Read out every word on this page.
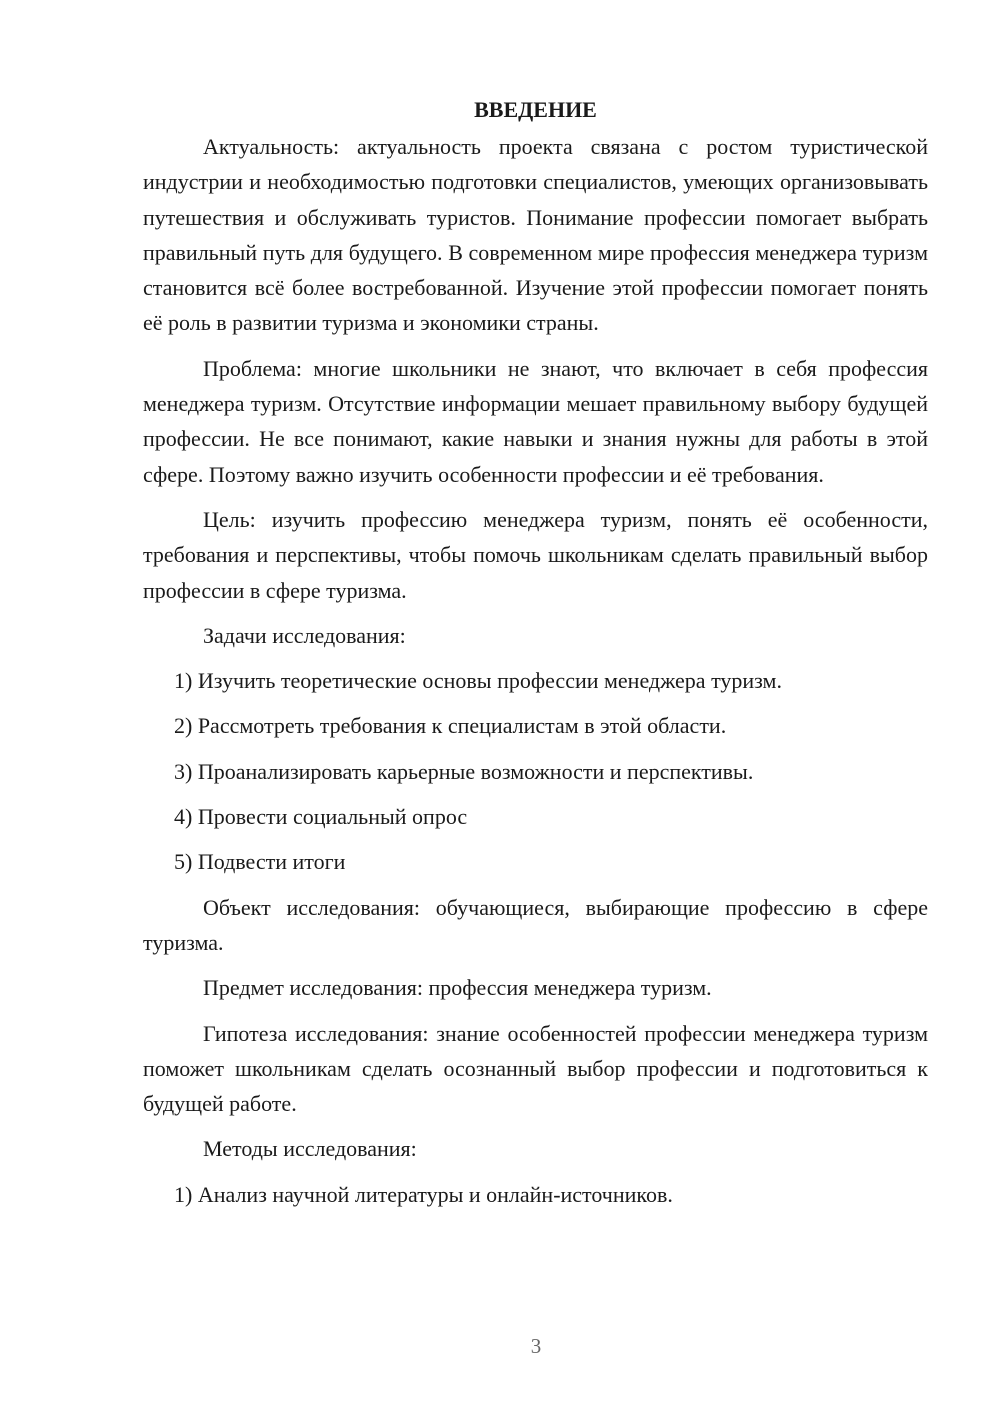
ВВЕДЕНИЕ
Актуальность: актуальность проекта связана с ростом туристической индустрии и необходимостью подготовки специалистов, умеющих организовывать путешествия и обслуживать туристов. Понимание профессии помогает выбрать правильный путь для будущего. В современном мире профессия менеджера туризм становится всё более востребованной. Изучение этой профессии помогает понять её роль в развитии туризма и экономики страны.
Проблема: многие школьники не знают, что включает в себя профессия менеджера туризм. Отсутствие информации мешает правильному выбору будущей профессии. Не все понимают, какие навыки и знания нужны для работы в этой сфере. Поэтому важно изучить особенности профессии и её требования.
Цель: изучить профессию менеджера туризм, понять её особенности, требования и перспективы, чтобы помочь школьникам сделать правильный выбор профессии в сфере туризма.
Задачи исследования:
1) Изучить теоретические основы профессии менеджера туризм.
2) Рассмотреть требования к специалистам в этой области.
3) Проанализировать карьерные возможности и перспективы.
4) Провести социальный опрос
5) Подвести итоги
Объект исследования: обучающиеся, выбирающие профессию в сфере туризма.
Предмет исследования: профессия менеджера туризм.
Гипотеза исследования: знание особенностей профессии менеджера туризм поможет школьникам сделать осознанный выбор профессии и подготовиться к будущей работе.
Методы исследования:
1) Анализ научной литературы и онлайн-источников.
3
